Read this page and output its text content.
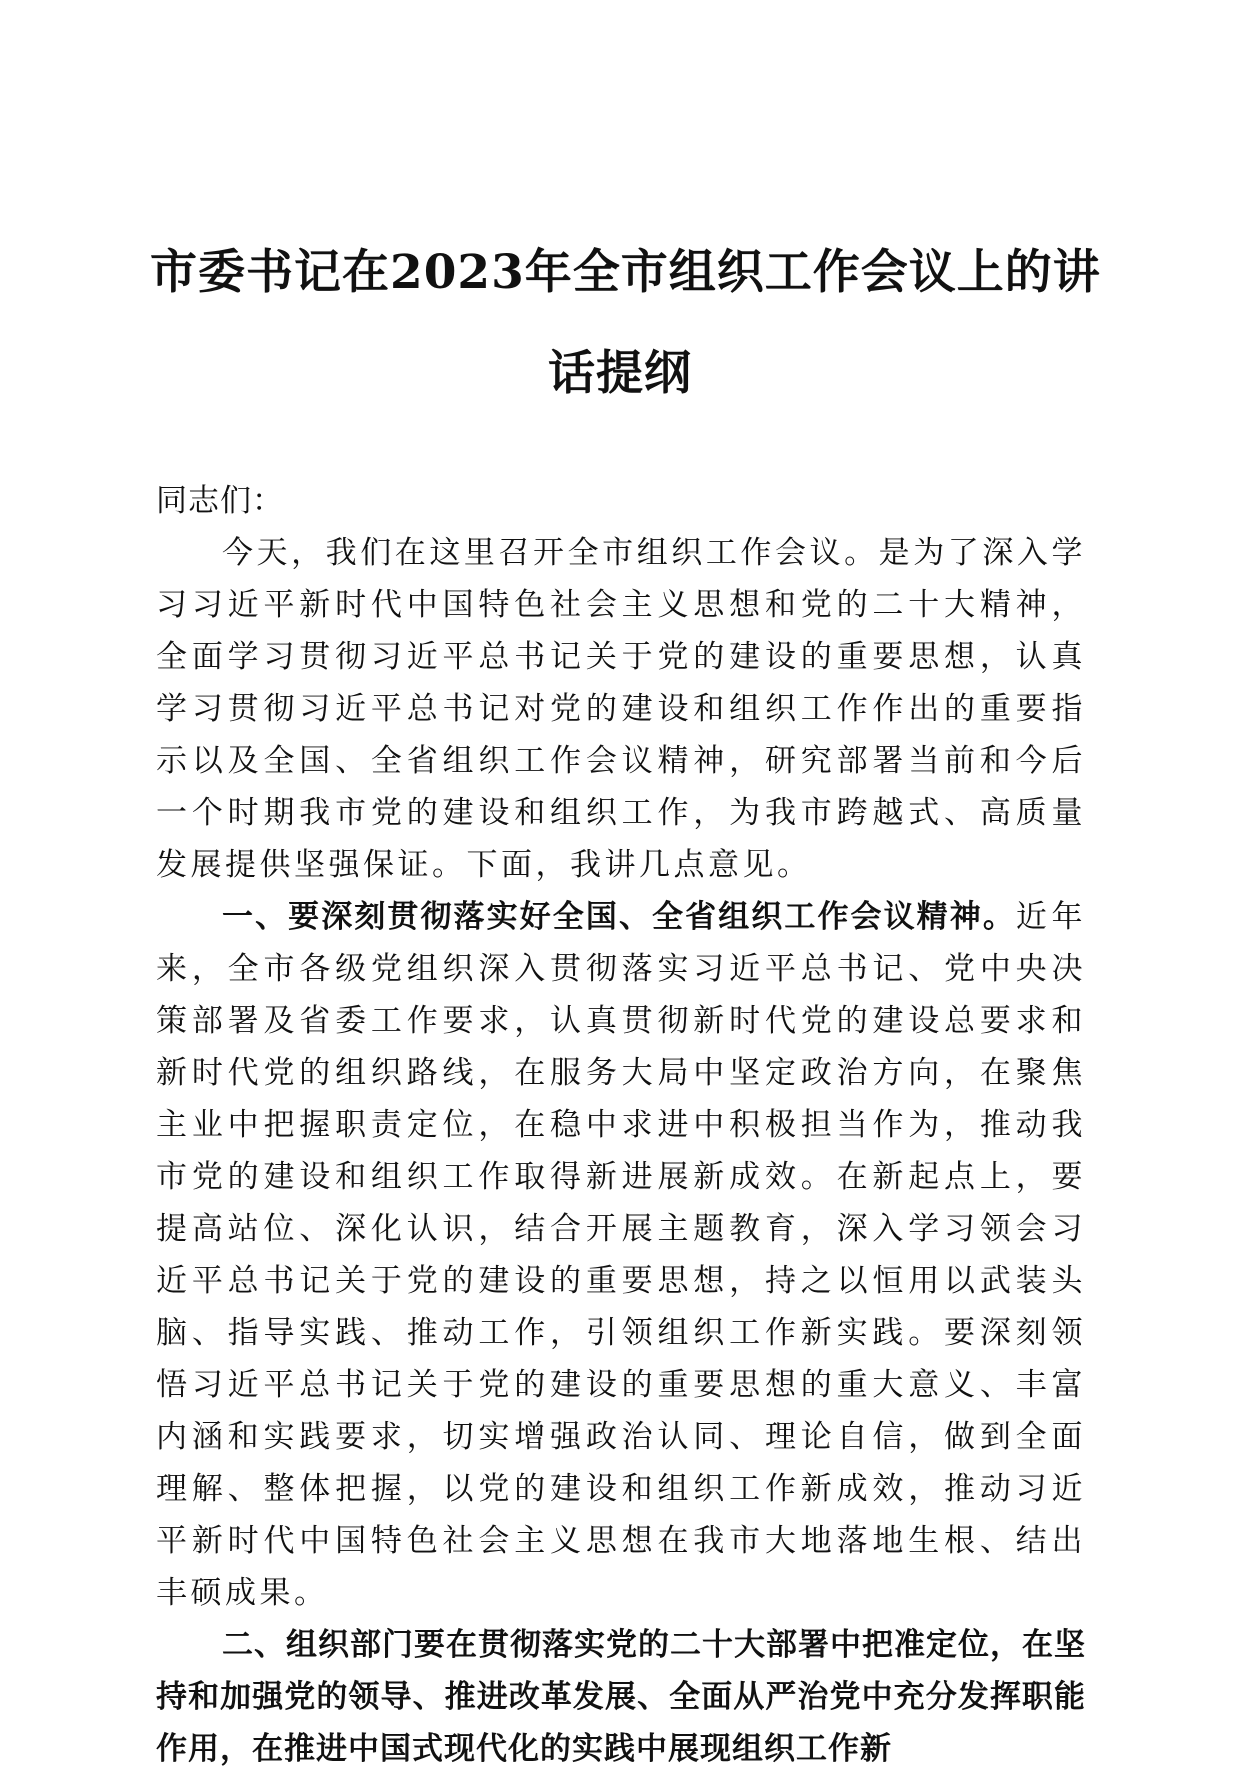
市委书记在2023年全市组织工作会议上的讲
话提纲

同志们：

今天，我们在这里召开全市组织工作会议。是为了深入学习习近平新时代中国特色社会主义思想和党的二十大精神，全面学习贯彻习近平总书记关于党的建设的重要思想，认真学习贯彻习近平总书记对党的建设和组织工作作出的重要指示以及全国、全省组织工作会议精神，研究部署当前和今后一个时期我市党的建设和组织工作，为我市跨越式、高质量发展提供坚强保证。下面，我讲几点意见。

一、要深刻贯彻落实好全国、全省组织工作会议精神。近年来，全市各级党组织深入贯彻落实习近平总书记、党中央决策部署及省委工作要求，认真贯彻新时代党的建设总要求和新时代党的组织路线，在服务大局中坚定政治方向，在聚焦主业中把握职责定位，在稳中求进中积极担当作为，推动我市党的建设和组织工作取得新进展新成效。在新起点上，要提高站位、深化认识，结合开展主题教育，深入学习领会习近平总书记关于党的建设的重要思想，持之以恒用以武装头脑、指导实践、推动工作，引领组织工作新实践。要深刻领悟习近平总书记关于党的建设的重要思想的重大意义、丰富内涵和实践要求，切实增强政治认同、理论自信，做到全面理解、整体把握，以党的建设和组织工作新成效，推动习近平新时代中国特色社会主义思想在我市大地落地生根、结出丰硕成果。

二、组织部门要在贯彻落实党的二十大部署中把准定位，在坚持和加强党的领导、推进改革发展、全面从严治党中充分发挥职能作用，在推进中国式现代化的实践中展现组织工作新
